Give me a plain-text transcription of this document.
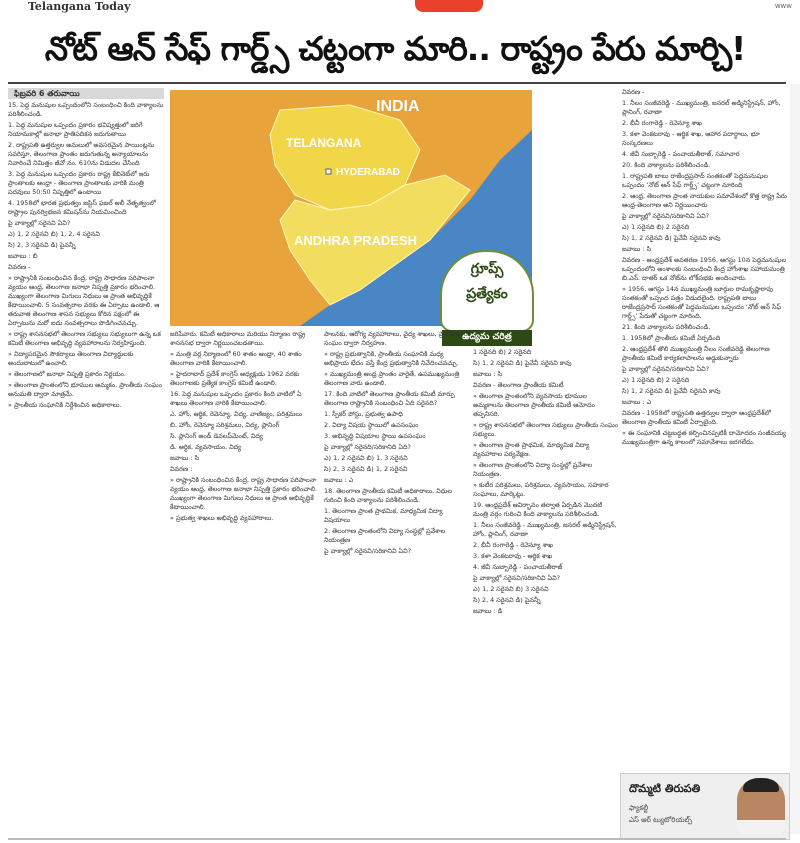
Telangana Today	www
నోట్ ఆన్ సేఫ్ గార్డ్స్ చట్టంగా మారి.. రాష్ట్రం పేరు మార్చి!
INDIA
TELANGANA
HYDERABAD
ANDHRA PRADESH
గ్రూప్స్
ప్రత్యేకం
ఉద్యమ చరిత్ర

ఫిబ్రవరి 6 తరువాయి

15. పెద్ద మనుషుల ఒప్పందంలోని సంబంధించి కింది వాక్యాలను పరిశీలించండి.

1. పెద్ద మనుషుల ఒప్పందం ప్రకారం భవిష్యత్తులో జరిగే నియామకాల్లో జనాభా ప్రాతిపదికన జరుగుతాయి

2. రాష్ట్రపతి ఉత్తర్వుల అమలులో అవసరమైన పాయింట్లను సవరిస్తూ, తెలంగాణ ప్రాంతం జరుగుతున్న అన్యాయాలను నివారించే నిమిత్తం జీవో నం. 610ను విడుదల చేసింది

3. పెద్ద మనుషుల ఒప్పందం ప్రకారం రాష్ట్ర కేబినెట్‌లో ఇరు ప్రాంతాలకు ఆంధ్రా - తెలంగాణ ప్రాంతాలకు వారికి మంత్రి పదవులు 50:50 నిష్పత్తిలో ఉంటాయి

4. 1958లో భారత ప్రభుత్వం జస్టిస్ ఫజల్ అలీ నేతృత్వంలో రాష్ట్రాల పునర్విభజన కమిషన్‌ను నియమించింది

పై వాక్యాల్లో సరైనవి ఏవి?

ఎ) 1, 2 సరైనవి బి) 1, 2, 4 సరైనవి

సి) 2, 3 సరైనవి డి) పైవన్నీ

జవాబు : బి

వివరణ -

» రాష్ట్రానికి సంబంధించిన కేంద్ర, రాష్ట్ర సాధారణ పరిపాలనా వ్యయం ఆంధ్ర, తెలంగాణ జనాభా నిష్పత్తి ప్రకారం భరించాలి. ముఖ్యంగా తెలంగాణ మిగులు నిధులు ఆ ప్రాంత అభివృద్ధికే కేటాయించాలి. 5 సంవత్సరాల వరకు ఈ ఏర్పాటు ఉండాలి. ఆ తరువాత తెలంగాణ శాసన సభ్యులు కోరిన పక్షంలో ఈ ఏర్పాటును మరో ఐదు సంవత్సరాలు పొడిగించవచ్చు.

» రాష్ట్ర శాసనసభలో తెలంగాణ సభ్యులు సభ్యులుగా ఉన్న ఒక కమిటీ తెలంగాణ అభివృద్ధి వ్యవహారాలను నిర్వహిస్తుంది.

» విద్యాపరమైన సౌకర్యాలు తెలంగాణ విద్యార్థులకు అందుబాటులో ఉంచాలి.

» తెలంగాణలో జనాభా నిష్పత్తి ప్రకారం నిర్ణయం.

» తెలంగాణ ప్రాంతంలోని భూముల అమ్మకం, ప్రాంతీయ సంఘం అనుమతి ద్వారా మాత్రమే.

» ప్రాంతీయ సంఘానికి నిర్దేశించిన అధికారాలు.

జరిపేవారు. కమిటీ అధికారాలు మరియు నిర్మాణం రాష్ట్ర శాసనసభ ద్వారా నిర్ణయించబడతాయి.

» మంత్రి వర్గ నిర్మాణంలో 60 శాతం ఆంధ్రా, 40 శాతం తెలంగాణ వారికి కేటాయించాలి.

» హైదరాబాద్ ప్రదేశ్ కాంగ్రెస్ అధ్యక్షుడు 1962 వరకు తెలంగాణకు ప్రత్యేక కాంగ్రెస్ కమిటీ ఉండాలి.

16. పెద్ద మనుషుల ఒప్పందం ప్రకారం కింది వాటిలో ఏ శాఖలు తెలంగాణ వారికి కేటాయించాలి.

ఎ. హోం, ఆర్థిక, రెవెన్యూ, విద్య, వాణిజ్యం, పరిశ్రమలు

బి. హోం, రెవెన్యూ పరిశ్రమలు, విద్య, ప్లానింగ్

సి. ప్లానింగ్ అండ్ డెవలప్‌మెంట్, విద్య

డి. ఆర్థిక, వ్యవసాయం, విద్య

జవాబు : సి

వివరణ :

» రాష్ట్రానికి సంబంధించిన కేంద్ర, రాష్ట్ర సాధారణ పరిపాలనా వ్యయం ఆంధ్ర, తెలంగాణ జనాభా నిష్పత్తి ప్రకారం భరించాలి. ముఖ్యంగా తెలంగాణ మిగులు నిధులు ఆ ప్రాంత అభివృద్ధికే కేటాయించాలి.

» ప్రభుత్వ శాఖలు అభివృద్ధి వ్యవహారాలు.

పాలనకు, ఆరోగ్య వ్యవహారాలు, వైద్య శాఖలు, ప్రాంతీయ సంఘం ద్వారా నిర్వహణ.

» రాష్ట్ర ప్రభుత్వానికి, ప్రాంతీయ సంఘానికి మధ్య అభిప్రాయ భేదం వస్తే కేంద్ర ప్రభుత్వానికి నివేదించవచ్చు.

» ముఖ్యమంత్రి ఆంధ్ర ప్రాంతం వారైతే, ఉపముఖ్యమంత్రి తెలంగాణ వారు ఉండాలి.

17. కింది వాటిలో తెలంగాణ ప్రాంతీయ కమిటీ మార్పు తెలంగాణ రాష్ట్రానికి సంబంధించి ఏది సరైనది?

1. స్పీకర్ పోస్టు, ప్రభుత్వ ఉపాధి

2. విద్యా విషయ స్థాయిలో ఉపసంఘం

3. అభివృద్ధి విషయాల స్థాయి ఉపసంఘం

పై వాక్యాల్లో సరైనది/సరికానిది ఏది?

ఎ) 1, 2 సరైనవి బి) 1, 3 సరైనవి

సి) 2, 3 సరైనవి డి) 1, 2 సరైనవి

జవాబు : ఎ

18. తెలంగాణ ప్రాంతీయ కమిటీ అధికారాలు, విధుల గురించి కింది వాక్యాలను పరిశీలించండి.

1. తెలంగాణ ప్రాంత ప్రాథమిక, మాధ్యమిక విద్యా విషయాలు

2. తెలంగాణ ప్రాంతంలోని విద్యా సంస్థల్లో ప్రవేశాల నియంత్రణ

పై వాక్యాల్లో సరైనవి/సరికానివి ఏవి?

1 సరైనది బి) 2 సరైనది

సి) 1, 2 సరైనవి డి) పైవేవీ సరైనవి కావు

జవాబు : సి

వివరణ - తెలంగాణ ప్రాంతీయ కమిటీ

» తెలంగాణ ప్రాంతంలోని వ్యవసాయ భూముల అమ్మకాలను తెలంగాణ ప్రాంతీయ కమిటీ ఆమోదం తప్పనిసరి.

» రాష్ట్ర శాసనసభలో తెలంగాణ సభ్యులు ప్రాంతీయ సంఘం సభ్యులు.

» తెలంగాణ ప్రాంత ప్రాథమిక, మాధ్యమిక విద్యా వ్యవహారాల పర్యవేక్షణ.

» తెలంగాణ ప్రాంతంలోని విద్యా సంస్థల్లో ప్రవేశాల నియంత్రణ.

» కుటీర పరిశ్రమలు, పరిశ్రమలు, వ్యవసాయం, సహకార సంఘాలు, మార్కెట్లు.

19. ఆంధ్రప్రదేశ్ ఆవిర్భావం తర్వాత ఏర్పడిన మొదటి మంత్రి వర్గం గురించి కింది వాక్యాలను పరిశీలించండి.

1. నీలం సంజీవరెడ్డి - ముఖ్యమంత్రి, జనరల్ అడ్మినిస్ట్రేషన్, హోం, ప్లానింగ్, రవాణా

2. బీవీ రంగారెడ్డి - రెవెన్యూ శాఖ

3. కళా వెంకటరావు - ఆర్థిక శాఖ

4. జీవీ సుబ్బారెడ్డి - పంచాయతీరాజ్

పై వాక్యాల్లో సరైనవి/సరికానివి ఏవి?

ఎ) 1, 2 సరైనవి బి) 3 సరైనవి

సి) 2, 4 సరైనవి డి) పైవన్నీ

జవాబు : డి

వివరణ -

1. నీలం సంజీవరెడ్డి - ముఖ్యమంత్రి, జనరల్ అడ్మినిస్ట్రేషన్, హోం, ప్లానింగ్, రవాణా

2. బీవీ రంగారెడ్డి - రెవెన్యూ శాఖ

3. కళా వెంకటరావు - ఆర్థిక శాఖ, ఆహార పదార్థాలు, భూ సంస్కరణలు

4. జీవీ సుబ్బారెడ్డి - పంచాయతీరాజ్, సమాచార

20. కింది వాక్యాలను పరిశీలించండి.

1. రాష్ట్రపతి బాబు రాజేంద్రప్రసాద్ సంతకంతో పెద్దమనుషుల ఒప్పందం ‘నోట్ ఆన్ సేఫ్ గార్డ్స్’ చట్టంగా మారింది

2. ఆంధ్ర, తెలంగాణ ప్రాంత నాయకుల సమావేశంలో కొత్త రాష్ట్ర పేరు ఆంధ్ర-తెలంగాణ అని నిర్ణయించారు

పై వాక్యాల్లో సరైనవి/సరికానివి ఏవి?

ఎ) 1 సరైనది బి) 2 సరైనది

సి) 1, 2 సరైనవి డి) పైవేవీ సరైనవి కావు

జవాబు : సి

వివరణ - ఆంధ్రప్రదేశ్ అవతరణ 1956, ఆగస్టు 10న పెద్దమనుషుల ఒప్పందంలోని అంశాలకు సంబంధించి కేంద్ర హోంశాఖ సహాయమంత్రి బి.ఎన్. దాతర్ ఒక నోట్‌ను లోక్‌సభకు అందించారు.

» 1956, ఆగస్టు 14న ముఖ్యమంత్రి బూర్గుల రామకృష్ణారావు సంతకంతో ఒప్పంద పత్రం విడుదలైంది. రాష్ట్రపతి బాబు రాజేంద్రప్రసాద్ సంతకంతో పెద్దమనుషుల ఒప్పందం ‘నోట్ ఆన్ సేఫ్ గార్డ్స్’ పేరుతో చట్టంగా మారింది.

21. కింది వాక్యాలను పరిశీలించండి.

1. 1958లో ప్రాంతీయ కమిటీ ఏర్పడింది

2. ఆంధ్రప్రదేశ్ తొలి ముఖ్యమంత్రి నీలం సంజీవరెడ్డి తెలంగాణ ప్రాంతీయ కమిటీ కార్యకలాపాలను అడ్డుకున్నారు

పై వాక్యాల్లో సరైనవి/సరికానివి ఏవి?

ఎ) 1 సరైనది బి) 2 సరైనది

సి) 1, 2 సరైనవి డి) పైవేవీ సరైనవి కావు

జవాబు : ఎ

వివరణ - 1958లో రాష్ట్రపతి ఉత్తర్వుల ద్వారా ఆంధ్రప్రదేశ్‌లో తెలంగాణ ప్రాంతీయ కమిటీ ఏర్పాటైంది.

» ఈ సంఘానికి చట్టబద్ధత కల్పించినప్పటికీ దామోదరం సంజీవయ్య ముఖ్యమంత్రిగా ఉన్న కాలంలో సమావేశాలు జరగలేదు.

దొమ్మటి తిరుపతి
ఫ్యాకల్టీ
ఎస్ ఆర్ ట్యుటోరియల్స్
